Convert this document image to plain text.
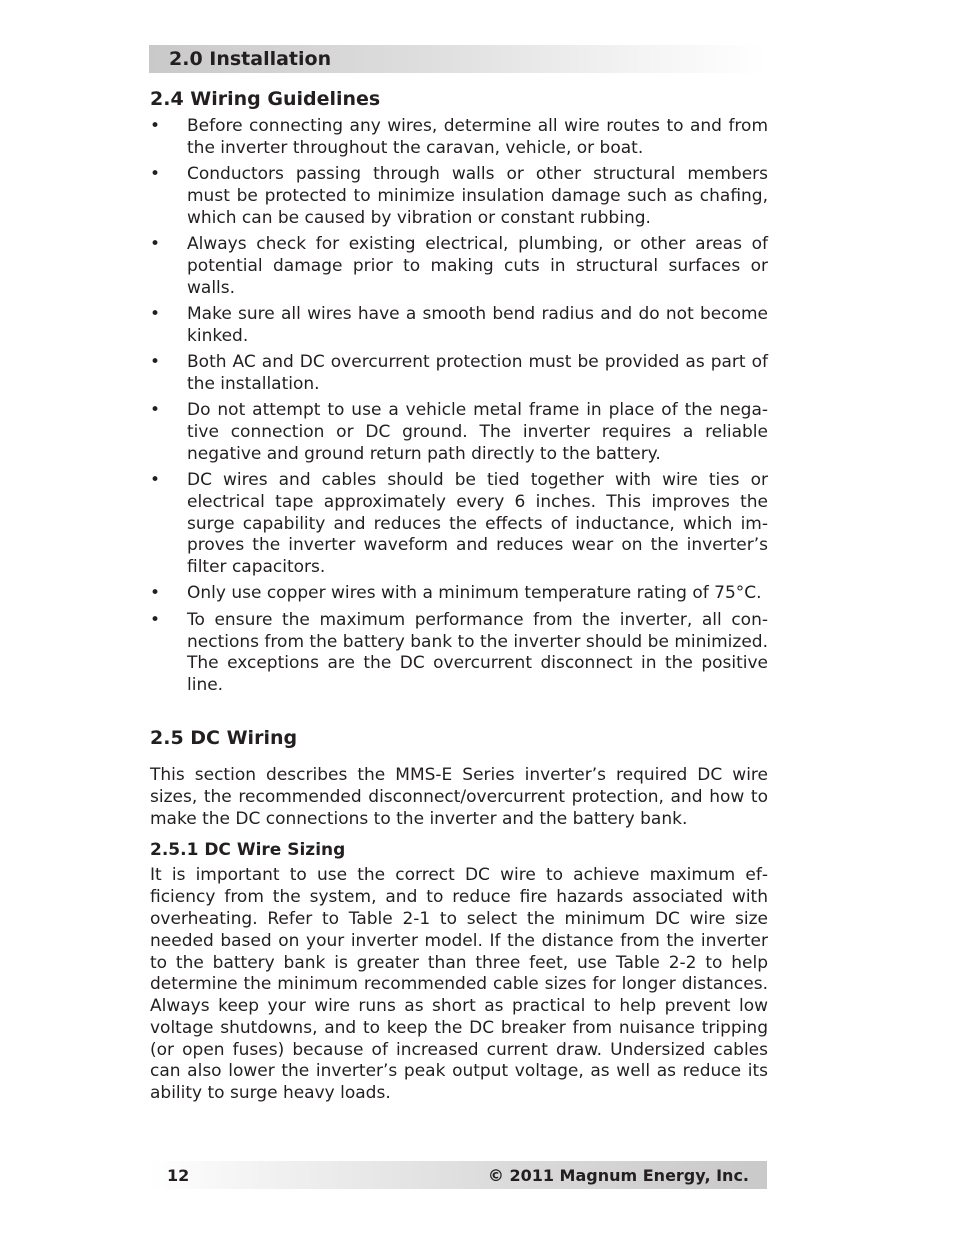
2.0 Installation
2.4 Wiring Guidelines
• Before connecting any wires, determine all wire routes to and from the inverter throughout the caravan, vehicle, or boat.
• Conductors passing through walls or other structural members must be protected to minimize insulation damage such as chafing, which can be caused by vibration or constant rubbing.
• Always check for existing electrical, plumbing, or other areas of potential damage prior to making cuts in structural surfaces or walls.
• Make sure all wires have a smooth bend radius and do not become kinked.
• Both AC and DC overcurrent protection must be provided as part of the installation.
• Do not attempt to use a vehicle metal frame in place of the negative connection or DC ground. The inverter requires a reliable negative and ground return path directly to the battery.
• DC wires and cables should be tied together with wire ties or electrical tape approximately every 6 inches. This improves the surge capability and reduces the effects of inductance, which improves the inverter waveform and reduces wear on the inverter’s filter capacitors.
• Only use copper wires with a minimum temperature rating of 75°C.
• To ensure the maximum performance from the inverter, all connections from the battery bank to the inverter should be minimized. The exceptions are the DC overcurrent disconnect in the positive line.
2.5 DC Wiring

This section describes the MMS-E Series inverter’s required DC wire sizes, the recommended disconnect/overcurrent protection, and how to make the DC connections to the inverter and the battery bank.

2.5.1 DC Wire Sizing

It is important to use the correct DC wire to achieve maximum efficiency from the system, and to reduce fire hazards associated with overheating. Refer to Table 2-1 to select the minimum DC wire size needed based on your inverter model. If the distance from the inverter to the battery bank is greater than three feet, use Table 2-2 to help determine the minimum recommended cable sizes for longer distances. Always keep your wire runs as short as practical to help prevent low voltage shutdowns, and to keep the DC breaker from nuisance tripping (or open fuses) because of increased current draw. Undersized cables can also lower the inverter’s peak output voltage, as well as reduce its ability to surge heavy loads.

12	© 2011 Magnum Energy, Inc.
